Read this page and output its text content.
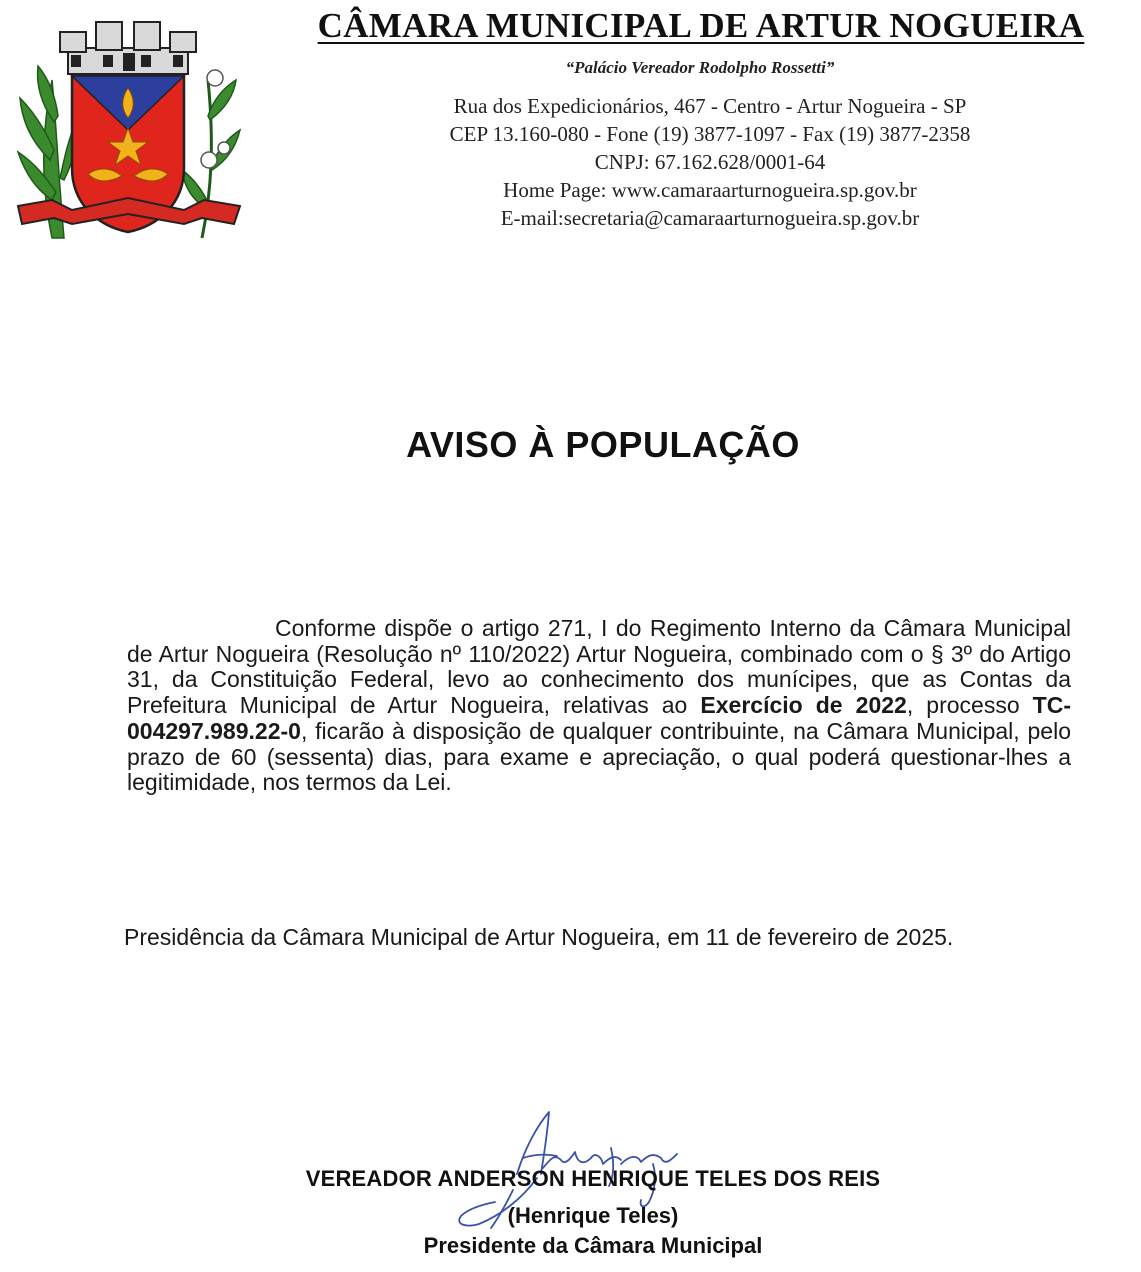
CÂMARA MUNICIPAL DE ARTUR NOGUEIRA
“Palácio Vereador Rodolpho Rossetti”
Rua dos Expedicionários, 467 - Centro - Artur Nogueira - SP
CEP 13.160-080 - Fone (19) 3877-1097 - Fax (19) 3877-2358
CNPJ: 67.162.628/0001-64
Home Page: www.camaraarturnogueira.sp.gov.br
E-mail:secretaria@camaraarturnogueira.sp.gov.br
AVISO À POPULAÇÃO
Conforme dispõe o artigo 271, I do Regimento Interno da Câmara Municipal de Artur Nogueira (Resolução nº 110/2022) Artur Nogueira, combinado com o § 3º do Artigo 31, da Constituição Federal, levo ao conhecimento dos munícipes, que as Contas da Prefeitura Municipal de Artur Nogueira, relativas ao Exercício de 2022, processo TC-004297.989.22-0, ficarão à disposição de qualquer contribuinte, na Câmara Municipal, pelo prazo de 60 (sessenta) dias, para exame e apreciação, o qual poderá questionar-lhes a legitimidade, nos termos da Lei.
Presidência da Câmara Municipal de Artur Nogueira, em 11 de fevereiro de 2025.
VEREADOR ANDERSON HENRIQUE TELES DOS REIS
(Henrique Teles)
Presidente da Câmara Municipal
